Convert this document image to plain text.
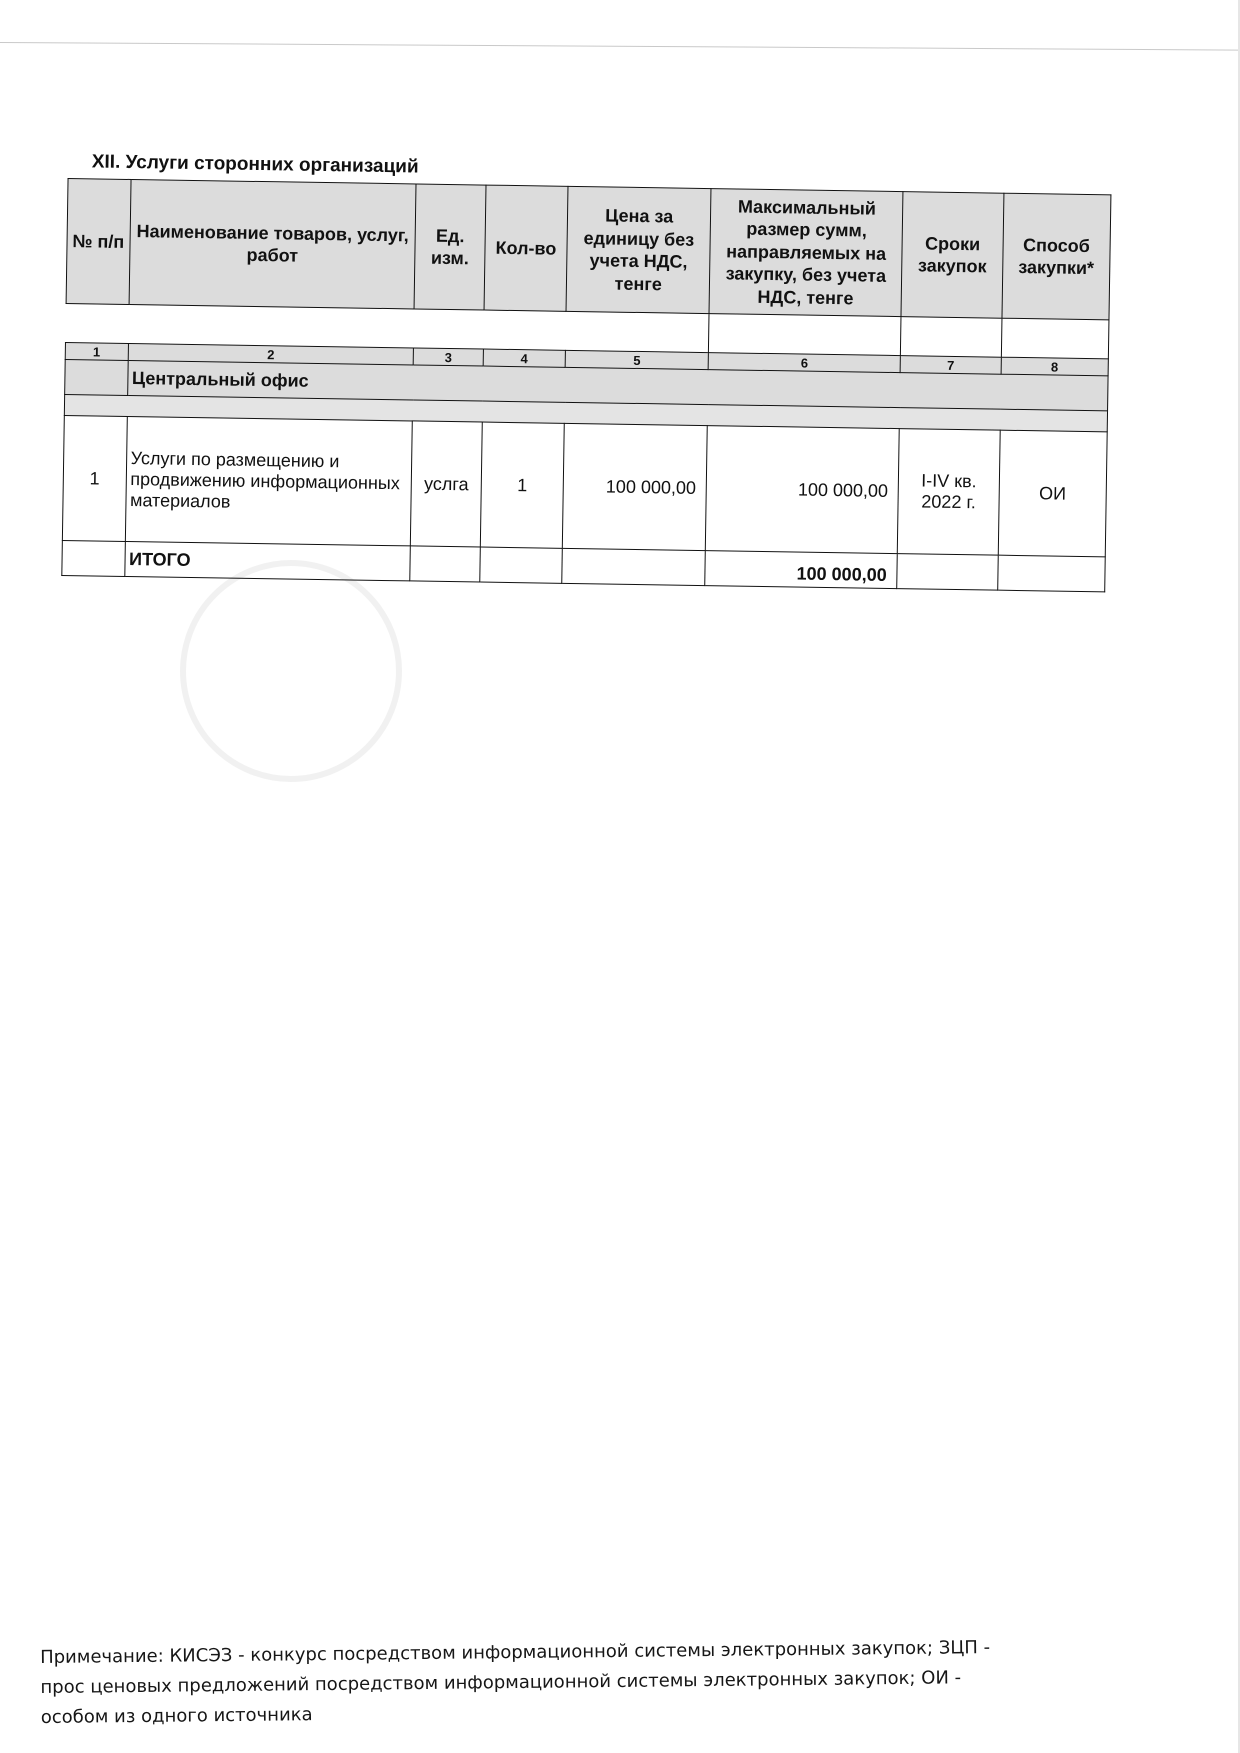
XII. Услуги сторонних организаций

№ п/п	Наименование товаров, услуг, работ	Ед. изм.	Кол-во	Цена за единицу без учета НДС, тенге	Максимальный размер сумм, направляемых на закупку, без учета НДС, тенге	Сроки закупок	Способ закупки*
1	2	3	4	5	6	7	8
	Центральный офис						

1	Услуги по размещению и продвижению информационных материалов	услга	1	100 000,00	100 000,00	I-IV кв. 2022 г.	ОИ
	ИТОГО				100 000,00		
Примечание: КИСЭЗ - конкурс посредством информационной системы электронных закупок; ЗЦП -
прос ценовых предложений посредством информационной системы электронных закупок; ОИ -
особом из одного источника
